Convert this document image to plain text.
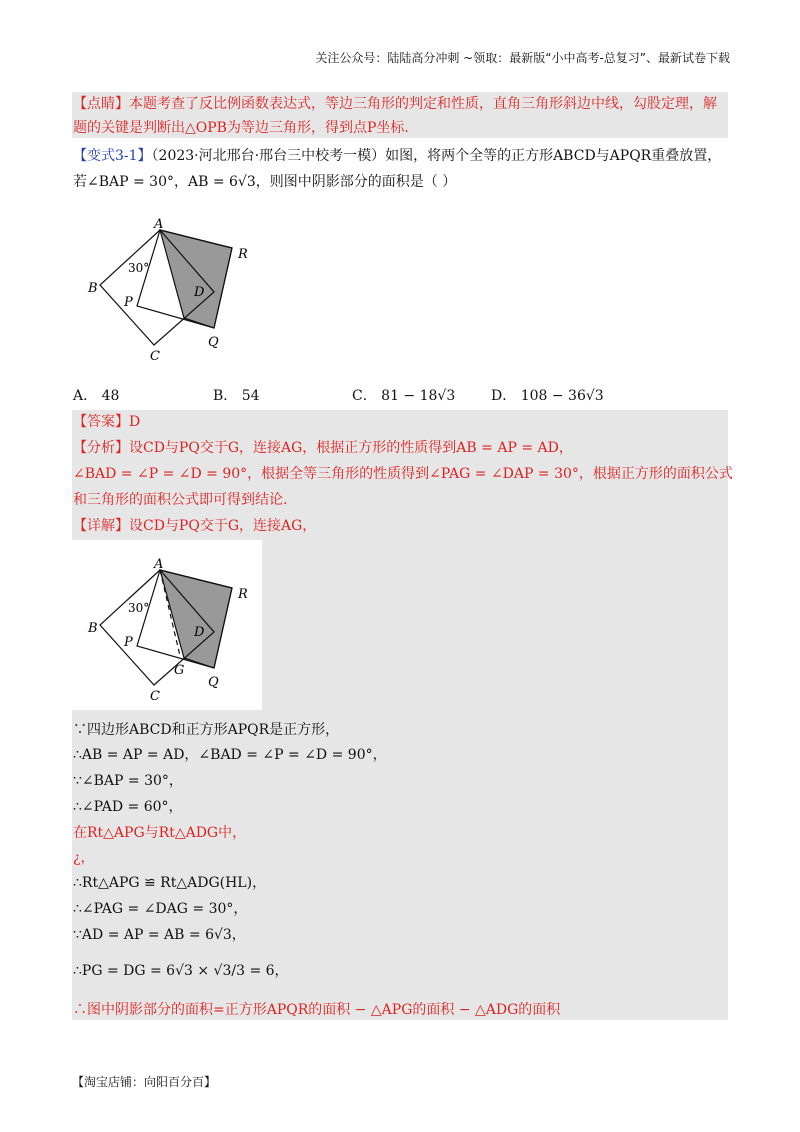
关注公众号：陆陆高分冲刺 ~领取：最新版“小中高考-总复习”、最新试卷下载
【点睛】本题考查了反比例函数表达式，等边三角形的判定和性质，直角三角形斜边中线，勾股定理，解
题的关键是判断出△OPB为等边三角形，得到点P坐标.
【变式3-1】（2023·河北邢台·邢台三中校考一模）如图，将两个全等的正方形ABCD与APQR重叠放置，
若∠BAP = 30°，AB = 6√3，则图中阴影部分的面积是（ ）
A
B
C
D
P
Q
R
30°
A． 48	B． 54	C． 81 − 18√3	D． 108 − 36√3
【答案】D
【分析】设CD与PQ交于G，连接AG，根据正方形的性质得到AB = AP = AD，
∠BAD = ∠P = ∠D = 90°，根据全等三角形的性质得到∠PAG = ∠DAP = 30°，根据正方形的面积公式
和三角形的面积公式即可得到结论.
【详解】设CD与PQ交于G，连接AG，
A
B
C
D
P
Q
R
G
30°
∵四边形ABCD和正方形APQR是正方形，
∴AB = AP = AD，∠BAD = ∠P = ∠D = 90°，
∵∠BAP = 30°，
∴∠PAD = 60°，
在Rt△APG与Rt△ADG中，
¿，
∴Rt△APG ≌ Rt△ADG(HL)，
∴∠PAG = ∠DAG = 30°，
∵AD = AP = AB = 6√3，
∴PG = DG = 6√3 × √3/3 = 6，
∴图中阴影部分的面积=正方形APQR的面积 − △APG的面积 − △ADG的面积
【淘宝店铺：向阳百分百】
